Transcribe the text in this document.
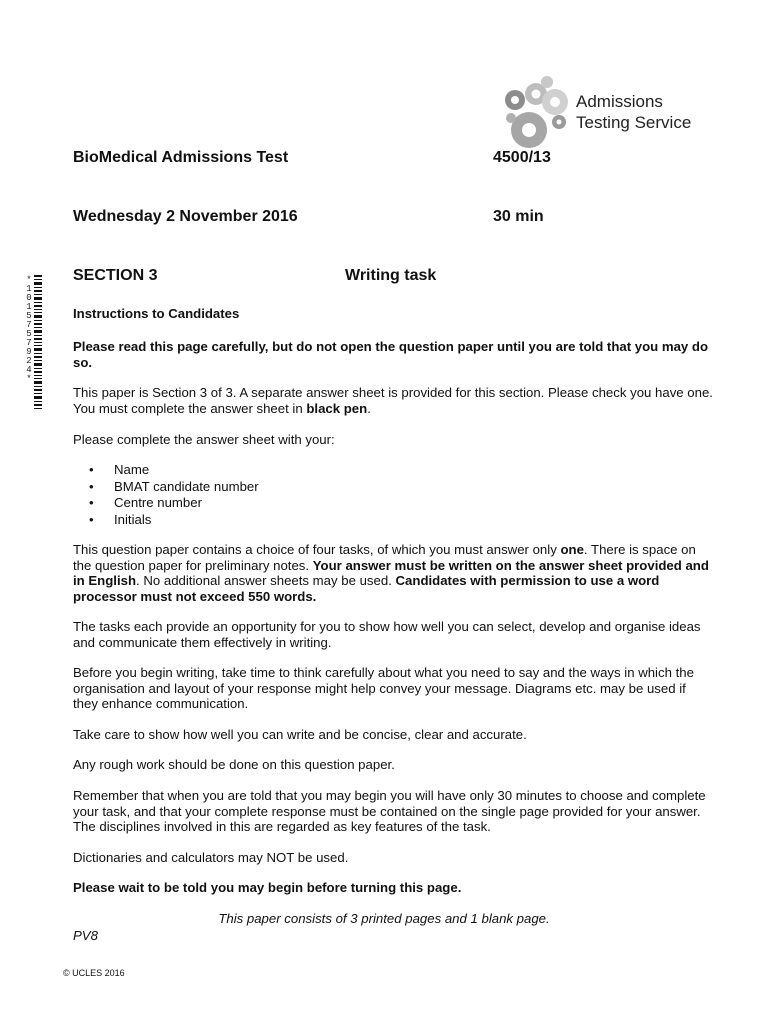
Admissions
Testing Service
*
1
0
1
5
7
5
7
9
2
4
*
BioMedical Admissions Test	4500/13
Wednesday 2 November 2016	30 min
SECTION 3	Writing task
Instructions to Candidates

Please read this page carefully, but do not open the question paper until you are told that you may do so.

This paper is Section 3 of 3. A separate answer sheet is provided for this section. Please check you have one. You must complete the answer sheet in black pen.

Please complete the answer sheet with your:

• Name
• BMAT candidate number
• Centre number
• Initials

This question paper contains a choice of four tasks, of which you must answer only one. There is space on the question paper for preliminary notes. Your answer must be written on the answer sheet provided and in English. No additional answer sheets may be used. Candidates with permission to use a word processor must not exceed 550 words.

The tasks each provide an opportunity for you to show how well you can select, develop and organise ideas and communicate them effectively in writing.

Before you begin writing, take time to think carefully about what you need to say and the ways in which the organisation and layout of your response might help convey your message. Diagrams etc. may be used if they enhance communication.

Take care to show how well you can write and be concise, clear and accurate.

Any rough work should be done on this question paper.

Remember that when you are told that you may begin you will have only 30 minutes to choose and complete your task, and that your complete response must be contained on the single page provided for your answer. The disciplines involved in this are regarded as key features of the task.

Dictionaries and calculators may NOT be used.

Please wait to be told you may begin before turning this page.

This paper consists of 3 printed pages and 1 blank page.
PV8
© UCLES 2016
